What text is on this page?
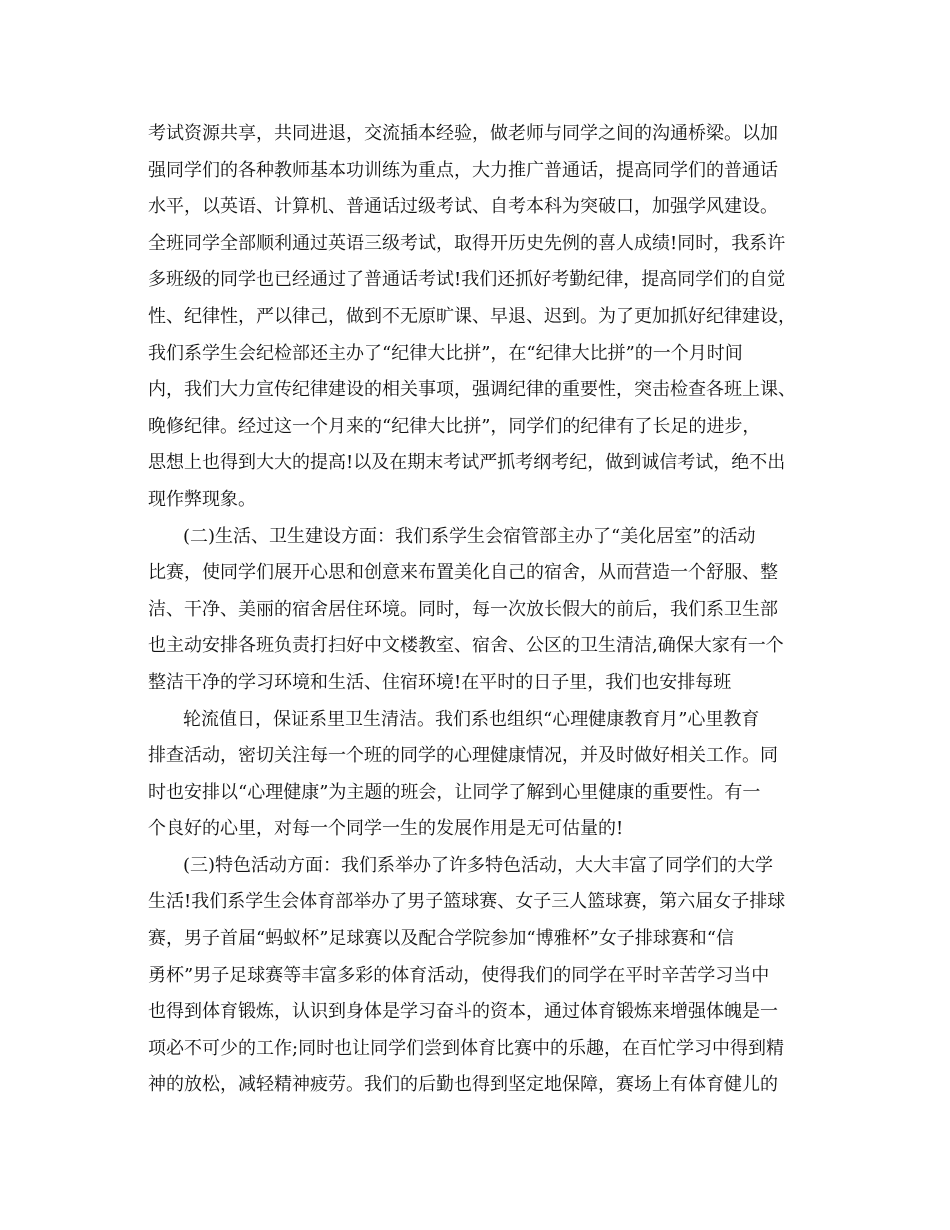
考试资源共享，共同进退，交流插本经验，做老师与同学之间的沟通桥梁。以加
强同学们的各种教师基本功训练为重点，大力推广普通话，提高同学们的普通话
水平，以英语、计算机、普通话过级考试、自考本科为突破口，加强学风建设。
全班同学全部顺利通过英语三级考试，取得开历史先例的喜人成绩!同时，我系许
多班级的同学也已经通过了普通话考试!我们还抓好考勤纪律，提高同学们的自觉
性、纪律性，严以律己，做到不无原旷课、早退、迟到。为了更加抓好纪律建设，
我们系学生会纪检部还主办了“纪律大比拼”，在“纪律大比拼”的一个月时间
内，我们大力宣传纪律建设的相关事项，强调纪律的重要性，突击检查各班上课、
晚修纪律。经过这一个月来的“纪律大比拼”，同学们的纪律有了长足的进步，
思想上也得到大大的提高!以及在期末考试严抓考纲考纪，做到诚信考试，绝不出
现作弊现象。
(二)生活、卫生建设方面：我们系学生会宿管部主办了“美化居室”的活动
比赛，使同学们展开心思和创意来布置美化自己的宿舍，从而营造一个舒服、整
洁、干净、美丽的宿舍居住环境。同时，每一次放长假大的前后，我们系卫生部
也主动安排各班负责打扫好中文楼教室、宿舍、公区的卫生清洁,确保大家有一个
整洁干净的学习环境和生活、住宿环境!在平时的日子里，我们也安排每班
轮流值日，保证系里卫生清洁。我们系也组织“心理健康教育月”心里教育
排查活动，密切关注每一个班的同学的心理健康情况，并及时做好相关工作。同
时也安排以“心理健康”为主题的班会，让同学了解到心里健康的重要性。有一
个良好的心里，对每一个同学一生的发展作用是无可估量的!
(三)特色活动方面：我们系举办了许多特色活动，大大丰富了同学们的大学
生活!我们系学生会体育部举办了男子篮球赛、女子三人篮球赛，第六届女子排球
赛，男子首届“蚂蚁杯”足球赛以及配合学院参加“博雅杯”女子排球赛和“信
勇杯”男子足球赛等丰富多彩的体育活动，使得我们的同学在平时辛苦学习当中
也得到体育锻炼，认识到身体是学习奋斗的资本，通过体育锻炼来增强体魄是一
项必不可少的工作;同时也让同学们尝到体育比赛中的乐趣，在百忙学习中得到精
神的放松，减轻精神疲劳。我们的后勤也得到坚定地保障，赛场上有体育健儿的
